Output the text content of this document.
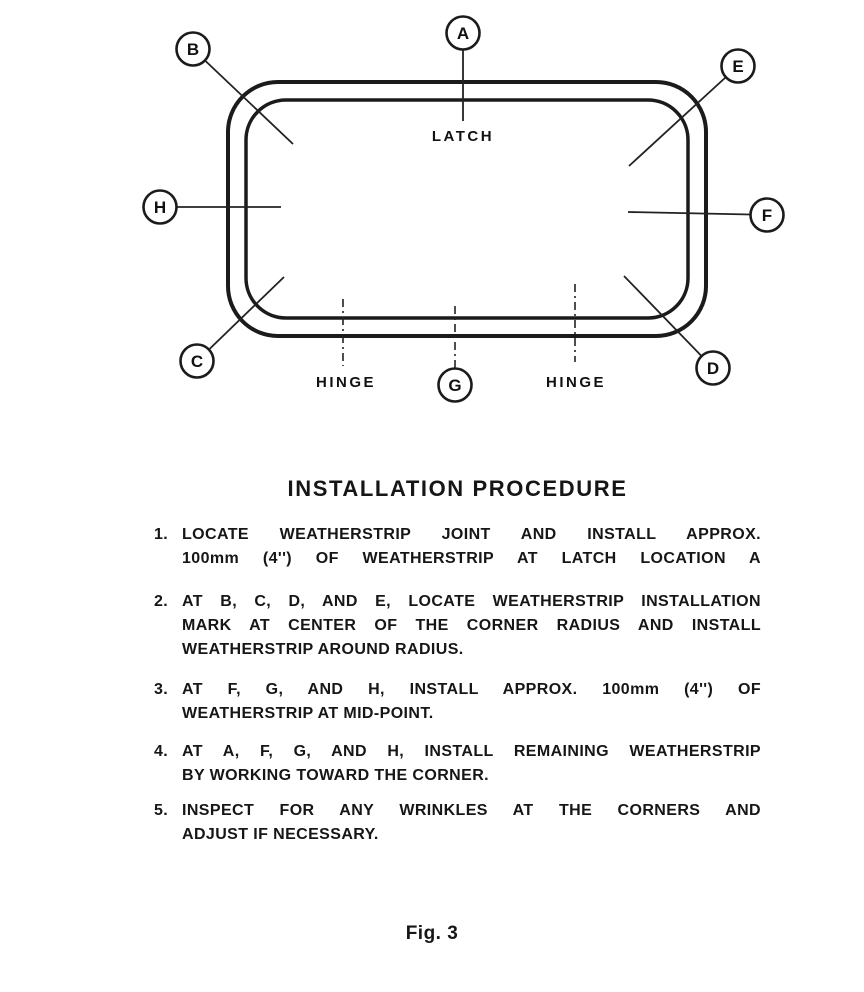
LATCH
HINGE	HINGE
A
B
E
H	F
C	D
G
INSTALLATION PROCEDURE
1. LOCATE WEATHERSTRIP JOINT AND INSTALL APPROX.
100mm (4'') OF WEATHERSTRIP AT LATCH LOCATION A
2. AT B, C, D, AND E, LOCATE WEATHERSTRIP INSTALLATION
MARK AT CENTER OF THE CORNER RADIUS AND INSTALL
WEATHERSTRIP AROUND RADIUS.
3. AT F, G, AND H, INSTALL APPROX. 100mm (4'') OF
WEATHERSTRIP AT MID-POINT.
4. AT A, F, G, AND H, INSTALL REMAINING WEATHERSTRIP
BY WORKING TOWARD THE CORNER.
5. INSPECT FOR ANY WRINKLES AT THE CORNERS AND
ADJUST IF NECESSARY.
Fig. 3
